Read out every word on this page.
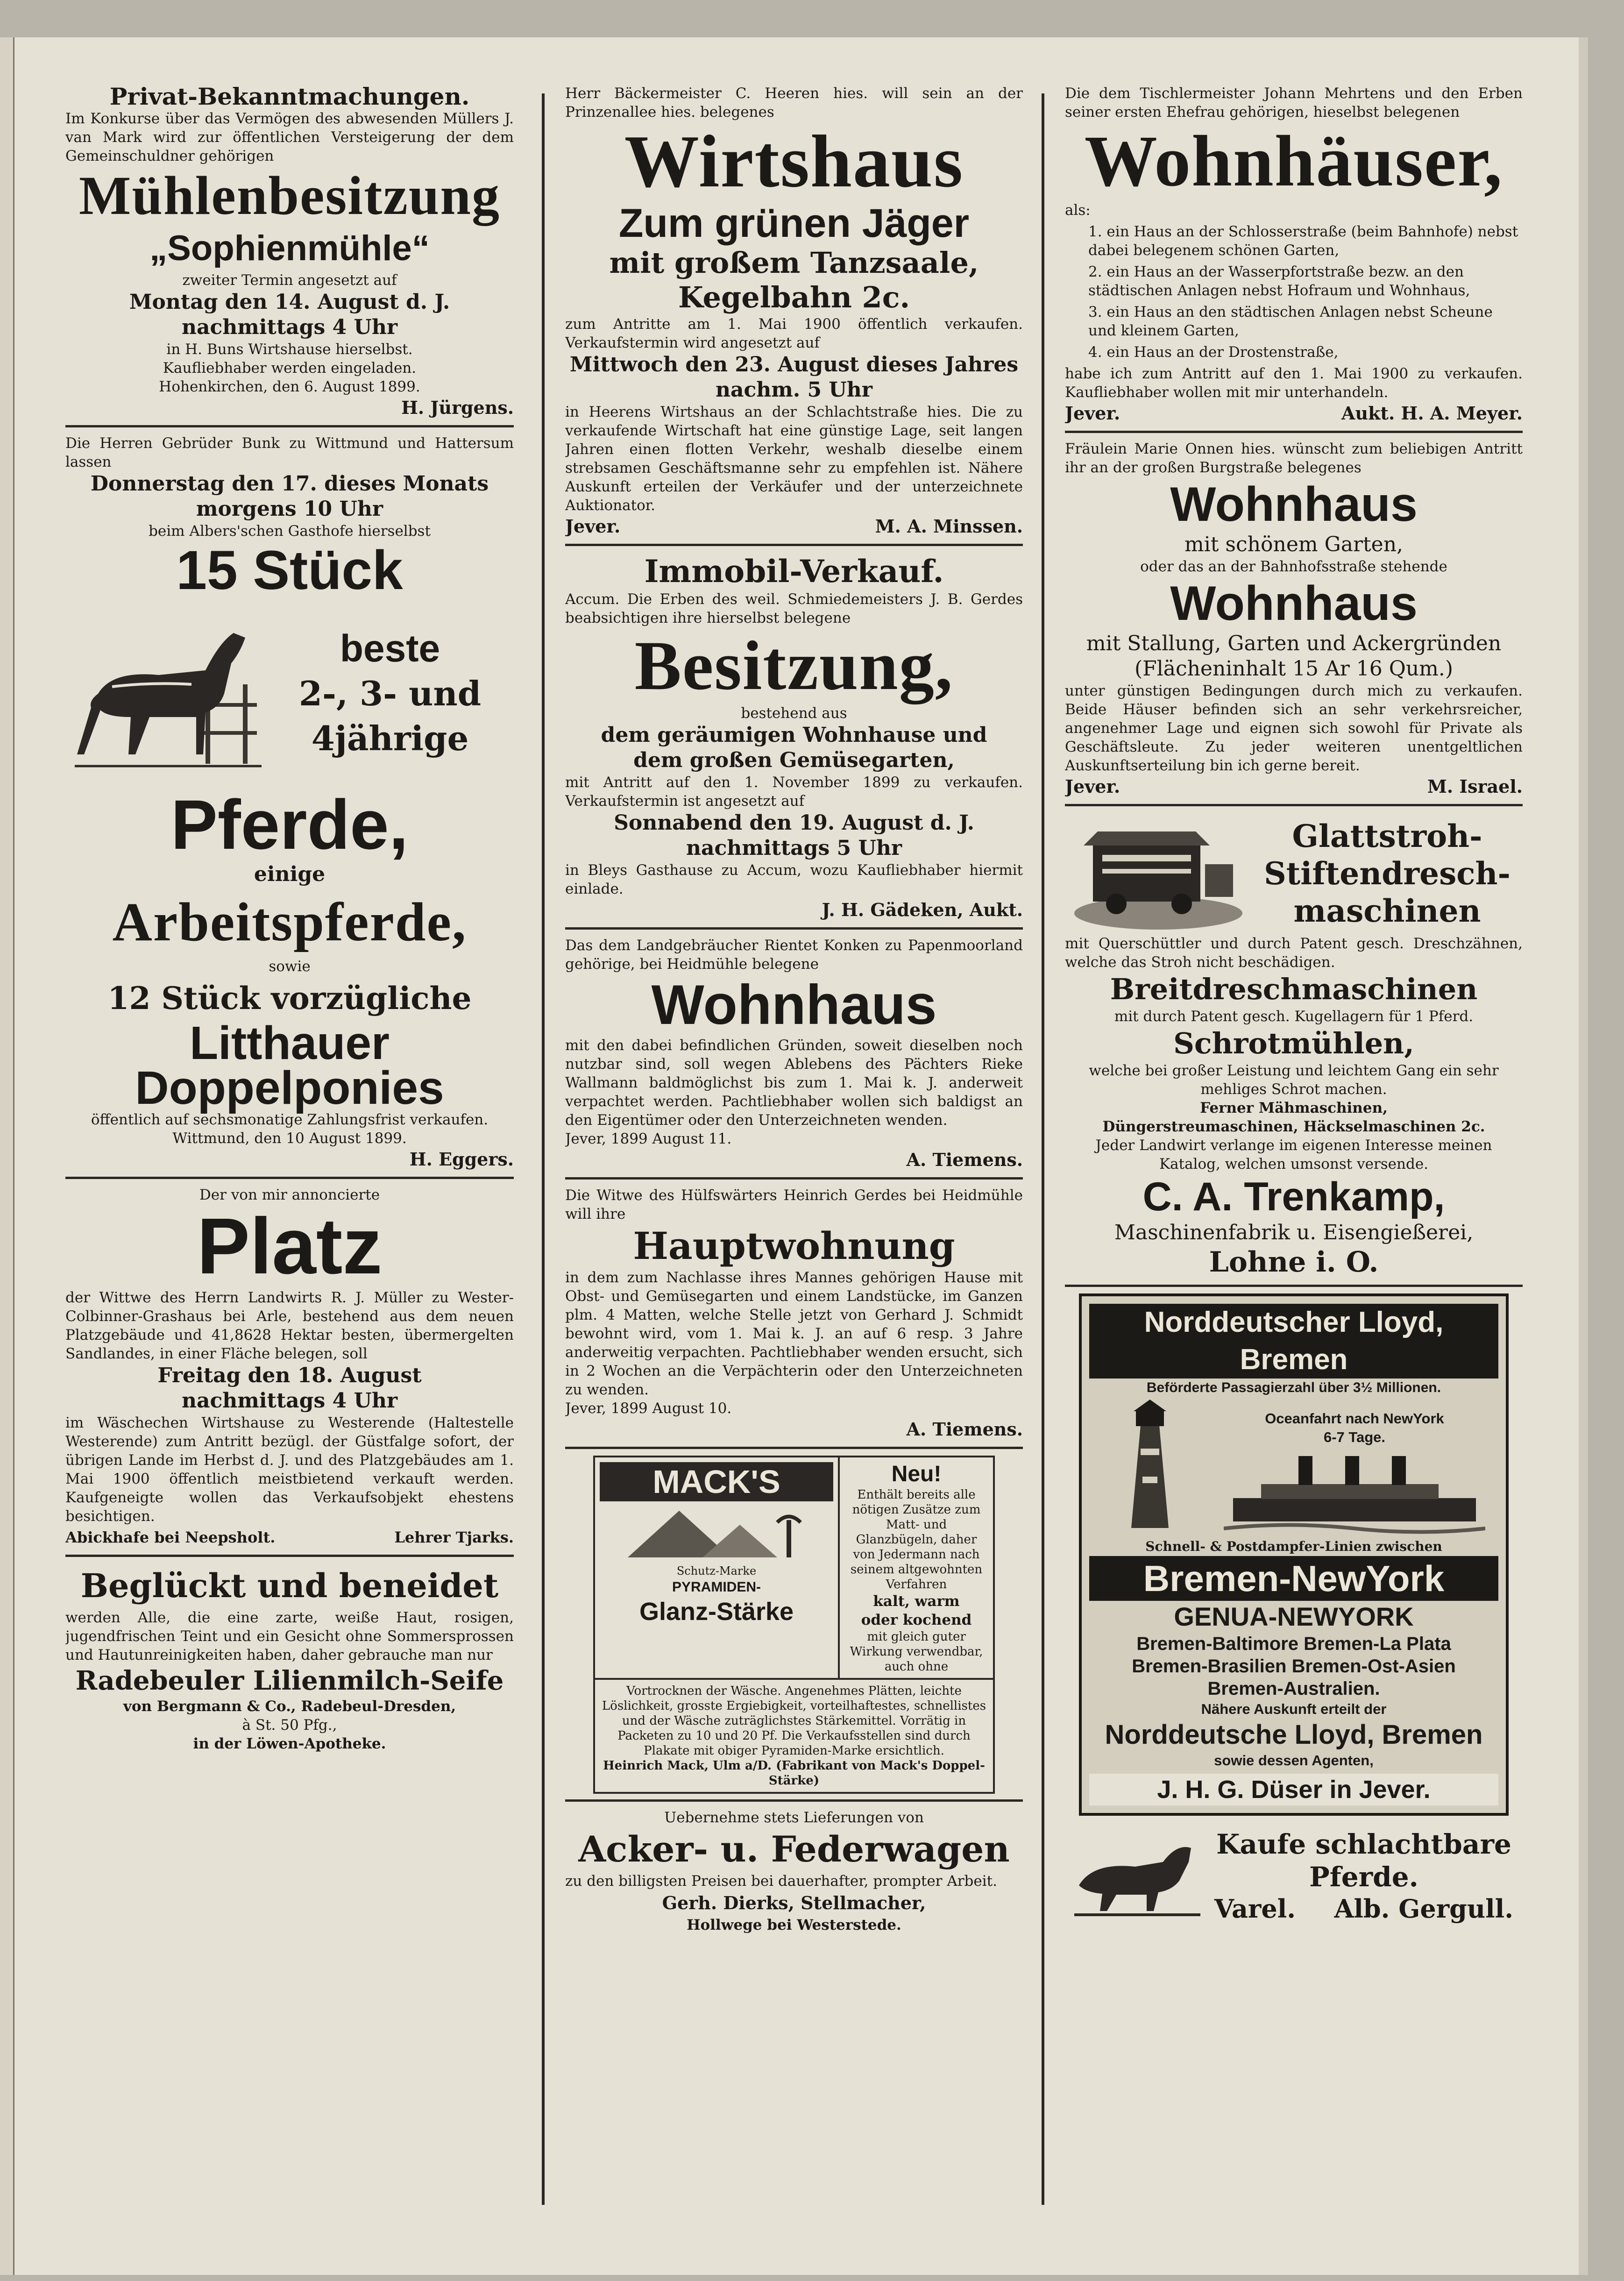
Privat-Bekanntmachungen.

Im Konkurse über das Vermögen des abwesenden Müllers J. van Mark wird zur öffentlichen Versteigerung der dem Gemeinschuldner gehörigen

Mühlenbesitzung

„Sophienmühle“

zweiter Termin angesetzt auf

Montag den 14. August d. J.

nachmittags 4 Uhr

in H. Buns Wirtshause hierselbst.

Kaufliebhaber werden eingeladen.

Hohenkirchen, den 6. August 1899.

H. Jürgens.

Die Herren Gebrüder Bunk zu Wittmund und Hattersum lassen

Donnerstag den 17. dieses Monats

morgens 10 Uhr

beim Albers'schen Gasthofe hierselbst

15 Stück

beste

2-, 3- und

4jährige

Pferde,

einige

Arbeitspferde,

sowie

12 Stück vorzügliche

Litthauer

Doppelponies

öffentlich auf sechsmonatige Zahlungsfrist verkaufen.

Wittmund, den 10 August 1899.

H. Eggers.

Der von mir annoncierte

Platz

der Wittwe des Herrn Landwirts R. J. Müller zu Wester-Colbinner-Grashaus bei Arle, bestehend aus dem neuen Platzgebäude und 41,8628 Hektar besten, übermergelten Sandlandes, in einer Fläche belegen, soll

Freitag den 18. August

nachmittags 4 Uhr

im Wäschechen Wirtshause zu Westerende (Haltestelle Westerende) zum Antritt bezügl. der Güstfalge sofort, der übrigen Lande im Herbst d. J. und des Platzgebäudes am 1. Mai 1900 öffentlich meistbietend verkauft werden. Kaufgeneigte wollen das Verkaufsobjekt ehestens besichtigen.

Abickhafe bei Neepsholt.	Lehrer Tjarks.

Beglückt und beneidet

werden Alle, die eine zarte, weiße Haut, rosigen, jugendfrischen Teint und ein Gesicht ohne Sommersprossen und Hautunreinigkeiten haben, daher gebrauche man nur

Radebeuler Lilienmilch-Seife

von Bergmann & Co., Radebeul-Dresden,

à St. 50 Pfg.,

in der Löwen-Apotheke.

Herr Bäckermeister C. Heeren hies. will sein an der Prinzenallee hies. belegenes

Wirtshaus

Zum grünen Jäger

mit großem Tanzsaale,

Kegelbahn 2c.

zum Antritte am 1. Mai 1900 öffentlich verkaufen. Verkaufstermin wird angesetzt auf

Mittwoch den 23. August dieses Jahres

nachm. 5 Uhr

in Heerens Wirtshaus an der Schlachtstraße hies. Die zu verkaufende Wirtschaft hat eine günstige Lage, seit langen Jahren einen flotten Verkehr, weshalb dieselbe einem strebsamen Geschäftsmanne sehr zu empfehlen ist. Nähere Auskunft erteilen der Verkäufer und der unterzeichnete Auktionator.

Jever.	M. A. Minssen.

Immobil-Verkauf.

Accum. Die Erben des weil. Schmiedemeisters J. B. Gerdes beabsichtigen ihre hierselbst belegene

Besitzung,

bestehend aus

dem geräumigen Wohnhause und

dem großen Gemüsegarten,

mit Antritt auf den 1. November 1899 zu verkaufen. Verkaufstermin ist angesetzt auf

Sonnabend den 19. August d. J.

nachmittags 5 Uhr

in Bleys Gasthause zu Accum, wozu Kaufliebhaber hiermit einlade.

J. H. Gädeken, Aukt.

Das dem Landgebräucher Rientet Konken zu Papenmoorland gehörige, bei Heidmühle belegene

Wohnhaus

mit den dabei befindlichen Gründen, soweit dieselben noch nutzbar sind, soll wegen Ablebens des Pächters Rieke Wallmann baldmöglichst bis zum 1. Mai k. J. anderweit verpachtet werden. Pachtliebhaber wollen sich baldigst an den Eigentümer oder den Unterzeichneten wenden.

Jever, 1899 August 11.

A. Tiemens.

Die Witwe des Hülfswärters Heinrich Gerdes bei Heidmühle will ihre

Hauptwohnung

in dem zum Nachlasse ihres Mannes gehörigen Hause mit Obst- und Gemüsegarten und einem Landstücke, im Ganzen plm. 4 Matten, welche Stelle jetzt von Gerhard J. Schmidt bewohnt wird, vom 1. Mai k. J. an auf 6 resp. 3 Jahre anderweitig verpachten. Pachtliebhaber wenden ersucht, sich in 2 Wochen an die Verpächterin oder den Unterzeichneten zu wenden.

Jever, 1899 August 10.

A. Tiemens.
MACK'S

Schutz-Marke

PYRAMIDEN-

Glanz-Stärke

Neu!

Enthält bereits alle nötigen Zusätze zum Matt- und Glanzbügeln, daher von Jedermann nach seinem altgewohnten Verfahren

kalt, warm

oder kochend

mit gleich guter Wirkung verwendbar, auch ohne

Vortrocknen der Wäsche. Angenehmes Plätten, leichte Löslichkeit, grosste Ergiebigkeit, vorteilhaftestes, schnellistes und der Wäsche zuträglichstes Stärkemittel. Vorrätig in Packeten zu 10 und 20 Pf. Die Verkaufsstellen sind durch Plakate mit obiger Pyramiden-Marke ersichtlich.

Heinrich Mack, Ulm a/D. (Fabrikant von Mack's Doppel-Stärke)

Uebernehme stets Lieferungen von

Acker- u. Federwagen

zu den billigsten Preisen bei dauerhafter, prompter Arbeit.

Gerh. Dierks, Stellmacher,

Hollwege bei Westerstede.

Die dem Tischlermeister Johann Mehrtens und den Erben seiner ersten Ehefrau gehörigen, hieselbst belegenen

Wohnhäuser,

als:

1. ein Haus an der Schlosserstraße (beim Bahnhofe) nebst dabei belegenem schönen Garten,

2. ein Haus an der Wasserpfortstraße bezw. an den städtischen Anlagen nebst Hofraum und Wohnhaus,

3. ein Haus an den städtischen Anlagen nebst Scheune und kleinem Garten,

4. ein Haus an der Drostenstraße,

habe ich zum Antritt auf den 1. Mai 1900 zu verkaufen. Kaufliebhaber wollen mit mir unterhandeln.

Jever.	Aukt. H. A. Meyer.

Fräulein Marie Onnen hies. wünscht zum beliebigen Antritt ihr an der großen Burgstraße belegenes

Wohnhaus

mit schönem Garten,

oder das an der Bahnhofsstraße stehende

Wohnhaus

mit Stallung, Garten und Ackergründen

(Flächeninhalt 15 Ar 16 Qum.)

unter günstigen Bedingungen durch mich zu verkaufen. Beide Häuser befinden sich an sehr verkehrsreicher, angenehmer Lage und eignen sich sowohl für Private als Geschäftsleute. Zu jeder weiteren unentgeltlichen Auskunftserteilung bin ich gerne bereit.

Jever.	M. Israel.

Glattstroh-

Stiftendresch-

maschinen

mit Querschüttler und durch Patent gesch. Dreschzähnen, welche das Stroh nicht beschädigen.

Breitdreschmaschinen

mit durch Patent gesch. Kugellagern für 1 Pferd.

Schrotmühlen,

welche bei großer Leistung und leichtem Gang ein sehr mehliges Schrot machen.

Ferner Mähmaschinen,

Düngerstreumaschinen, Häckselmaschinen 2c.

Jeder Landwirt verlange im eigenen Interesse meinen Katalog, welchen umsonst versende.

C. A. Trenkamp,

Maschinenfabrik u. Eisengießerei,

Lohne i. O.

Norddeutscher Lloyd, Bremen

Beförderte Passagierzahl über 3½ Millionen.

Oceanfahrt nach NewYork

6-7 Tage.

Schnell- & Postdampfer-Linien zwischen

Bremen-NewYork

GENUA-NEWYORK

Bremen-Baltimore Bremen-La Plata

Bremen-Brasilien Bremen-Ost-Asien

Bremen-Australien.

Nähere Auskunft erteilt der

Norddeutsche Lloyd, Bremen

sowie dessen Agenten,

J. H. G. Düser in Jever.

Kaufe schlachtbare Pferde.

Varel. Alb. Gergull.
